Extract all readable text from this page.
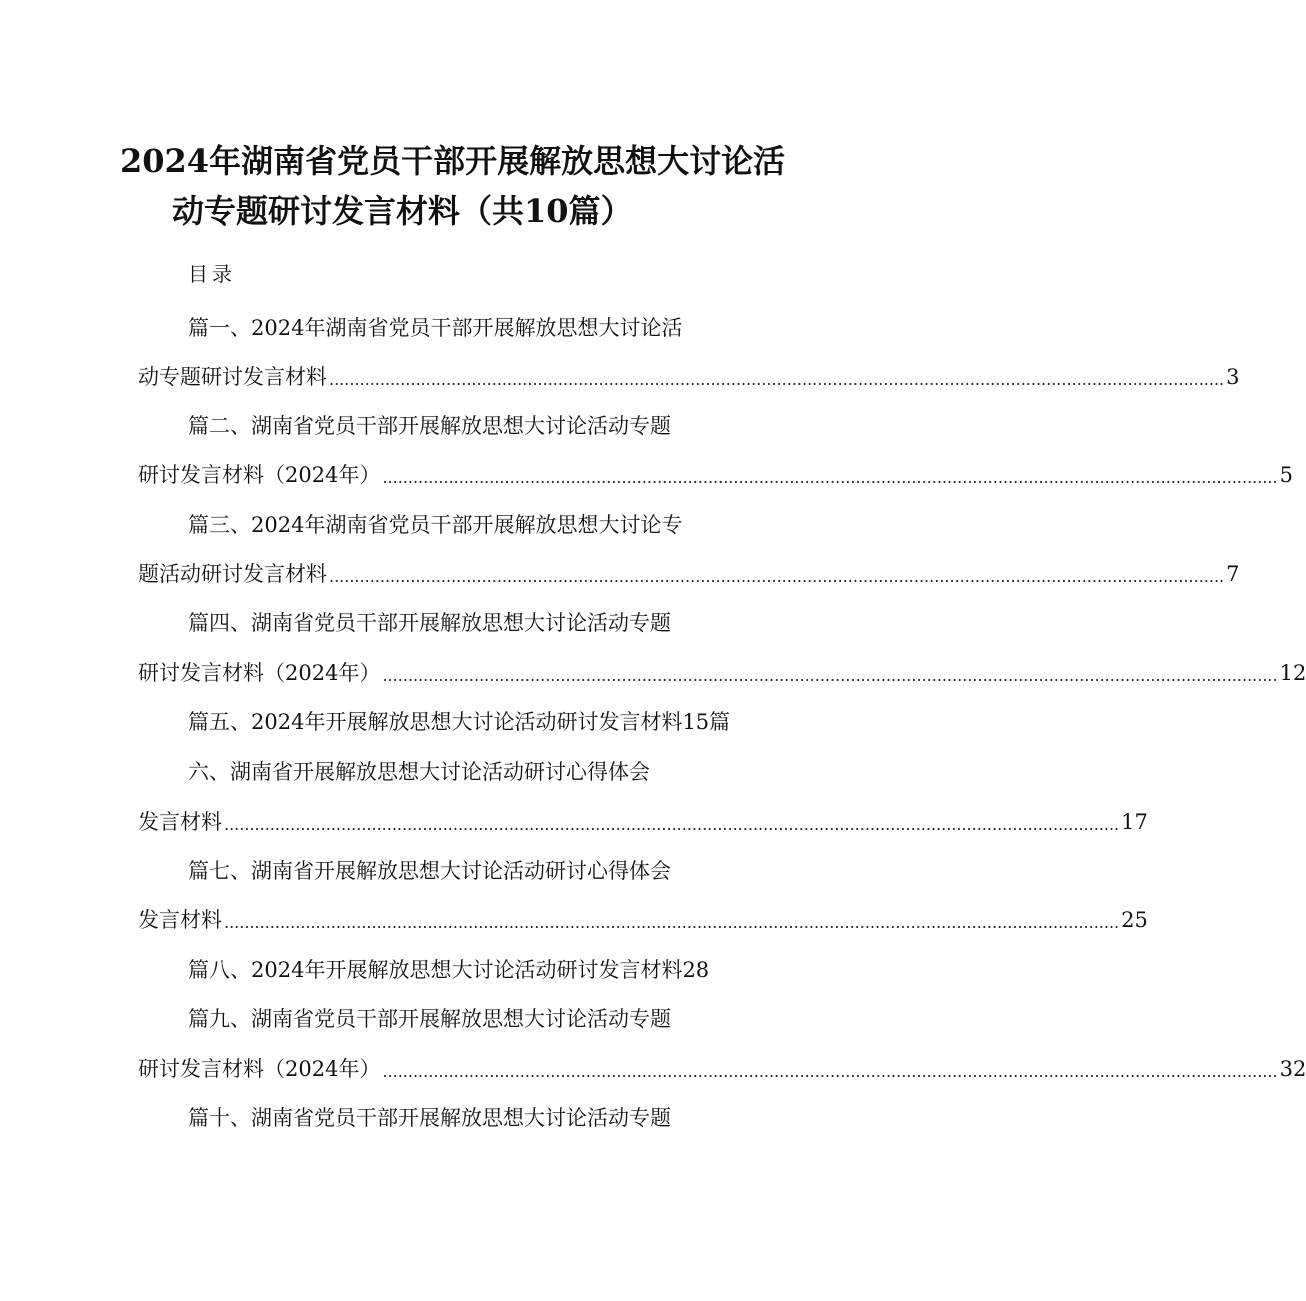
2024年湖南省党员干部开展解放思想大讨论活
动专题研讨发言材料（共10篇）
目录
篇一、2024年湖南省党员干部开展解放思想大讨论活
动专题研讨发言材料 ................................................................................................................................................................................ 3
篇二、湖南省党员干部开展解放思想大讨论活动专题
研讨发言材料（2024年） ................................................................................................................................................................................ 5
篇三、2024年湖南省党员干部开展解放思想大讨论专
题活动研讨发言材料 ................................................................................................................................................................................ 7
篇四、湖南省党员干部开展解放思想大讨论活动专题
研讨发言材料（2024年） ................................................................................................................................................................................ 12
篇五、2024年开展解放思想大讨论活动研讨发言材料15篇
六、湖南省开展解放思想大讨论活动研讨心得体会
发言材料 ................................................................................................................................................................................ 17
篇七、湖南省开展解放思想大讨论活动研讨心得体会
发言材料 ................................................................................................................................................................................ 25
篇八、2024年开展解放思想大讨论活动研讨发言材料28
篇九、湖南省党员干部开展解放思想大讨论活动专题
研讨发言材料（2024年） ................................................................................................................................................................................ 32
篇十、湖南省党员干部开展解放思想大讨论活动专题
